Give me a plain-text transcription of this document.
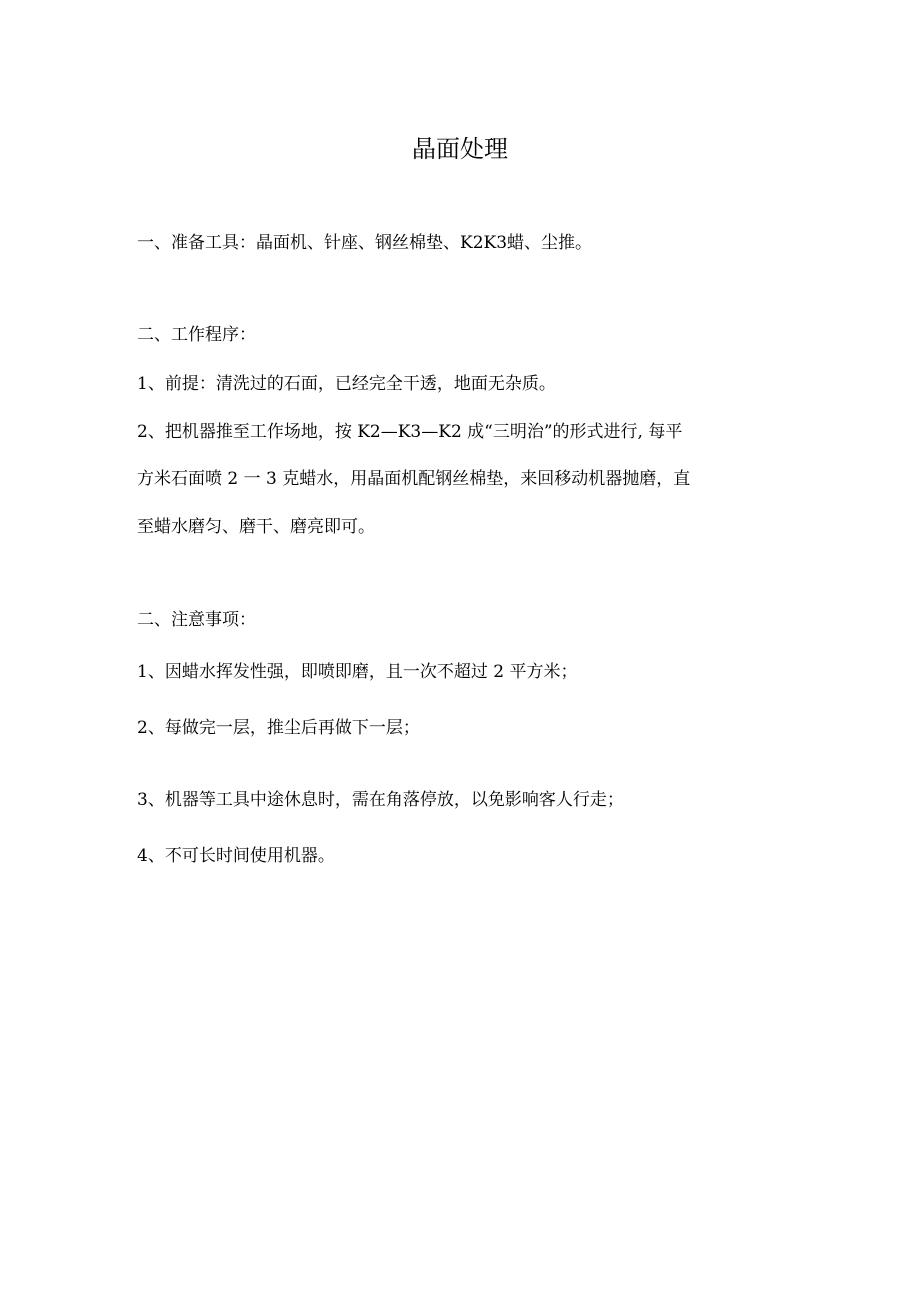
晶面处理
一、准备工具：晶面机、针座、钢丝棉垫、K2K3蜡、尘推。
二、工作程序：
1、前提：清洗过的石面，已经完全干透，地面无杂质。
2、把机器推至工作场地，按 K2—K3—K2 成“三明治”的形式进行, 每平
方米石面喷 2 一 3 克蜡水，用晶面机配钢丝棉垫，来回移动机器抛磨，直
至蜡水磨匀、磨干、磨亮即可。
二、注意事项：
1、因蜡水挥发性强，即喷即磨，且一次不超过 2 平方米；
2、每做完一层，推尘后再做下一层；
3、机器等工具中途休息时，需在角落停放，以免影响客人行走；
4、不可长时间使用机器。
